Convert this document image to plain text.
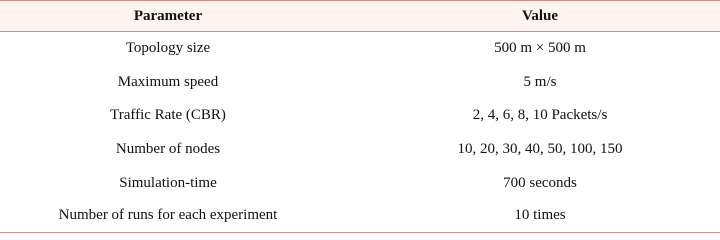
Parameter	Value
Topology size	500 m × 500 m
Maximum speed	5 m/s
Traffic Rate (CBR)	2, 4, 6, 8, 10 Packets/s
Number of nodes	10, 20, 30, 40, 50, 100, 150
Simulation-time	700 seconds
Number of runs for each experiment	10 times
